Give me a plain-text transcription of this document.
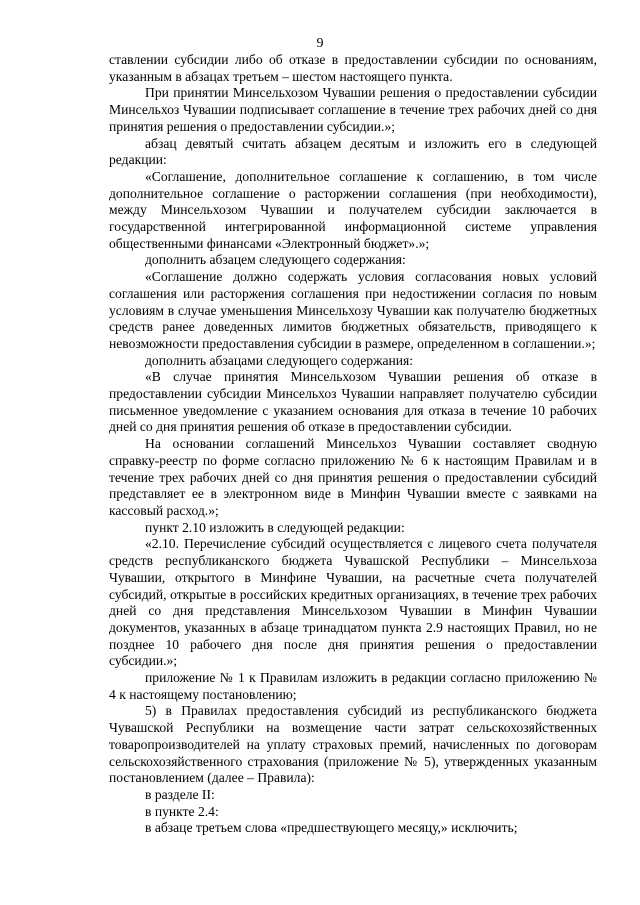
9

ставлении субсидии либо об отказе в предоставлении субсидии по основаниям, указанным в абзацах третьем – шестом настоящего пункта.

При принятии Минсельхозом Чувашии решения о предоставлении субсидии Минсельхоз Чувашии подписывает соглашение в течение трех рабочих дней со дня принятия решения о предоставлении субсидии.»;

абзац девятый считать абзацем десятым и изложить его в следующей редакции:

«Соглашение, дополнительное соглашение к соглашению, в том числе дополнительное соглашение о расторжении соглашения (при необходимости), между Минсельхозом Чувашии и получателем субсидии заключается в государственной интегрированной информационной системе управления общественными финансами «Электронный бюджет».»;

дополнить абзацем следующего содержания:

«Соглашение должно содержать условия согласования новых условий соглашения или расторжения соглашения при недостижении согласия по новым условиям в случае уменьшения Минсельхозу Чувашии как получателю бюджетных средств ранее доведенных лимитов бюджетных обязательств, приводящего к невозможности предоставления субсидии в размере, определенном в соглашении.»;

дополнить абзацами следующего содержания:

«В случае принятия Минсельхозом Чувашии решения об отказе в предоставлении субсидии Минсельхоз Чувашии направляет получателю субсидии письменное уведомление с указанием основания для отказа в течение 10 рабочих дней со дня принятия решения об отказе в предоставлении субсидии.

На основании соглашений Минсельхоз Чувашии составляет сводную справку-реестр по форме согласно приложению № 6 к настоящим Правилам и в течение трех рабочих дней со дня принятия решения о предоставлении субсидий представляет ее в электронном виде в Минфин Чувашии вместе с заявками на кассовый расход.»;

пункт 2.10 изложить в следующей редакции:

«2.10. Перечисление субсидий осуществляется с лицевого счета получателя средств республиканского бюджета Чувашской Республики – Минсельхоза Чувашии, открытого в Минфине Чувашии, на расчетные счета получателей субсидий, открытые в российских кредитных организациях, в течение трех рабочих дней со дня представления Минсельхозом Чувашии в Минфин Чувашии документов, указанных в абзаце тринадцатом пункта 2.9 настоящих Правил, но не позднее 10 рабочего дня после дня принятия решения о предоставлении субсидии.»;

приложение № 1 к Правилам изложить в редакции согласно приложению № 4 к настоящему постановлению;

5) в Правилах предоставления субсидий из республиканского бюджета Чувашской Республики на возмещение части затрат сельскохозяйственных товаропроизводителей на уплату страховых премий, начисленных по договорам сельскохозяйственного страхования (приложение № 5), утвержденных указанным постановлением (далее – Правила):

в разделе II:

в пункте 2.4:

в абзаце третьем слова «предшествующего месяцу,» исключить;
